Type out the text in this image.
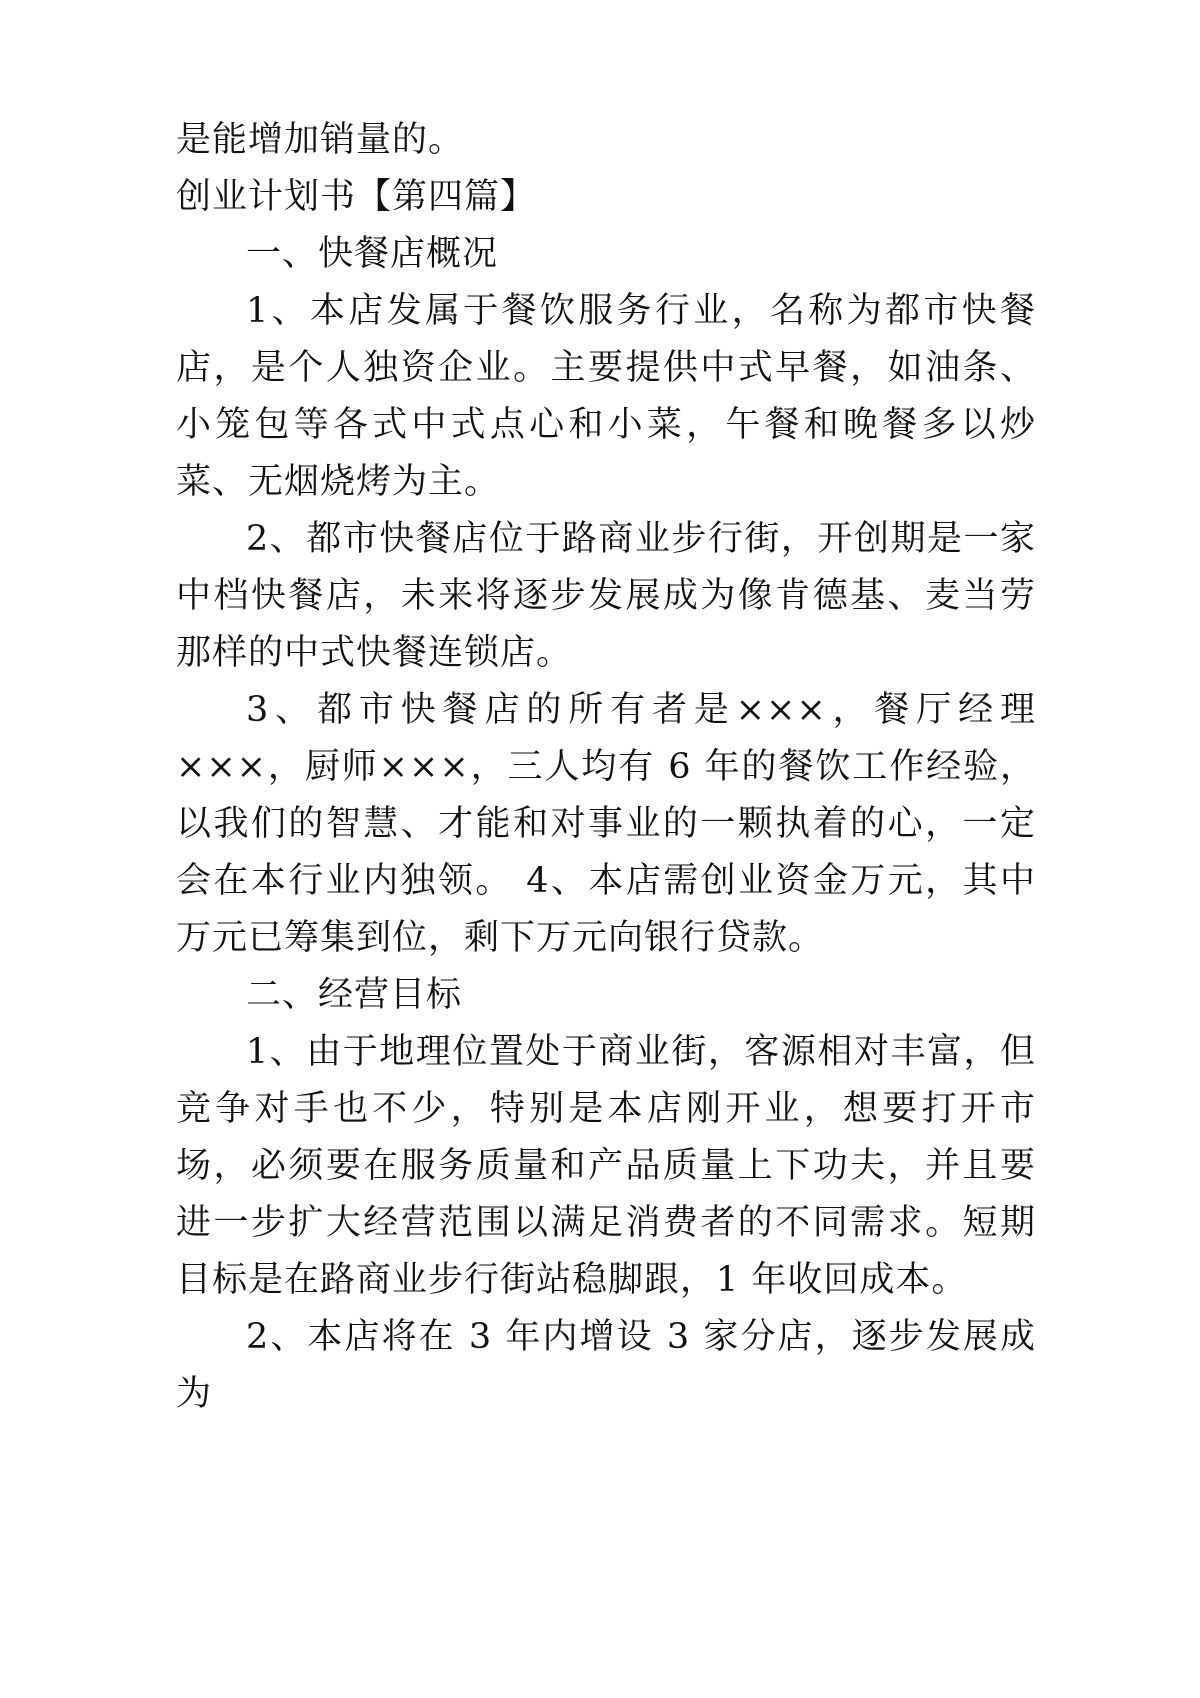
是能增加销量的。

创业计划书【第四篇】

一、快餐店概况

1、本店发属于餐饮服务行业，名称为都市快餐店，是个人独资企业。主要提供中式早餐，如油条、小笼包等各式中式点心和小菜，午餐和晚餐多以炒菜、无烟烧烤为主。

2、都市快餐店位于路商业步行街，开创期是一家中档快餐店，未来将逐步发展成为像肯德基、麦当劳那样的中式快餐连锁店。

3、都市快餐店的所有者是×××，餐厅经理×××，厨师×××，三人均有 6 年的餐饮工作经验，以我们的智慧、才能和对事业的一颗执着的心，一定会在本行业内独领。 4、本店需创业资金万元，其中万元已筹集到位，剩下万元向银行贷款。

二、经营目标

1、由于地理位置处于商业街，客源相对丰富，但竞争对手也不少，特别是本店刚开业，想要打开市场，必须要在服务质量和产品质量上下功夫，并且要进一步扩大经营范围以满足消费者的不同需求。短期目标是在路商业步行街站稳脚跟，1 年收回成本。

2、本店将在 3 年内增设 3 家分店，逐步发展成为
